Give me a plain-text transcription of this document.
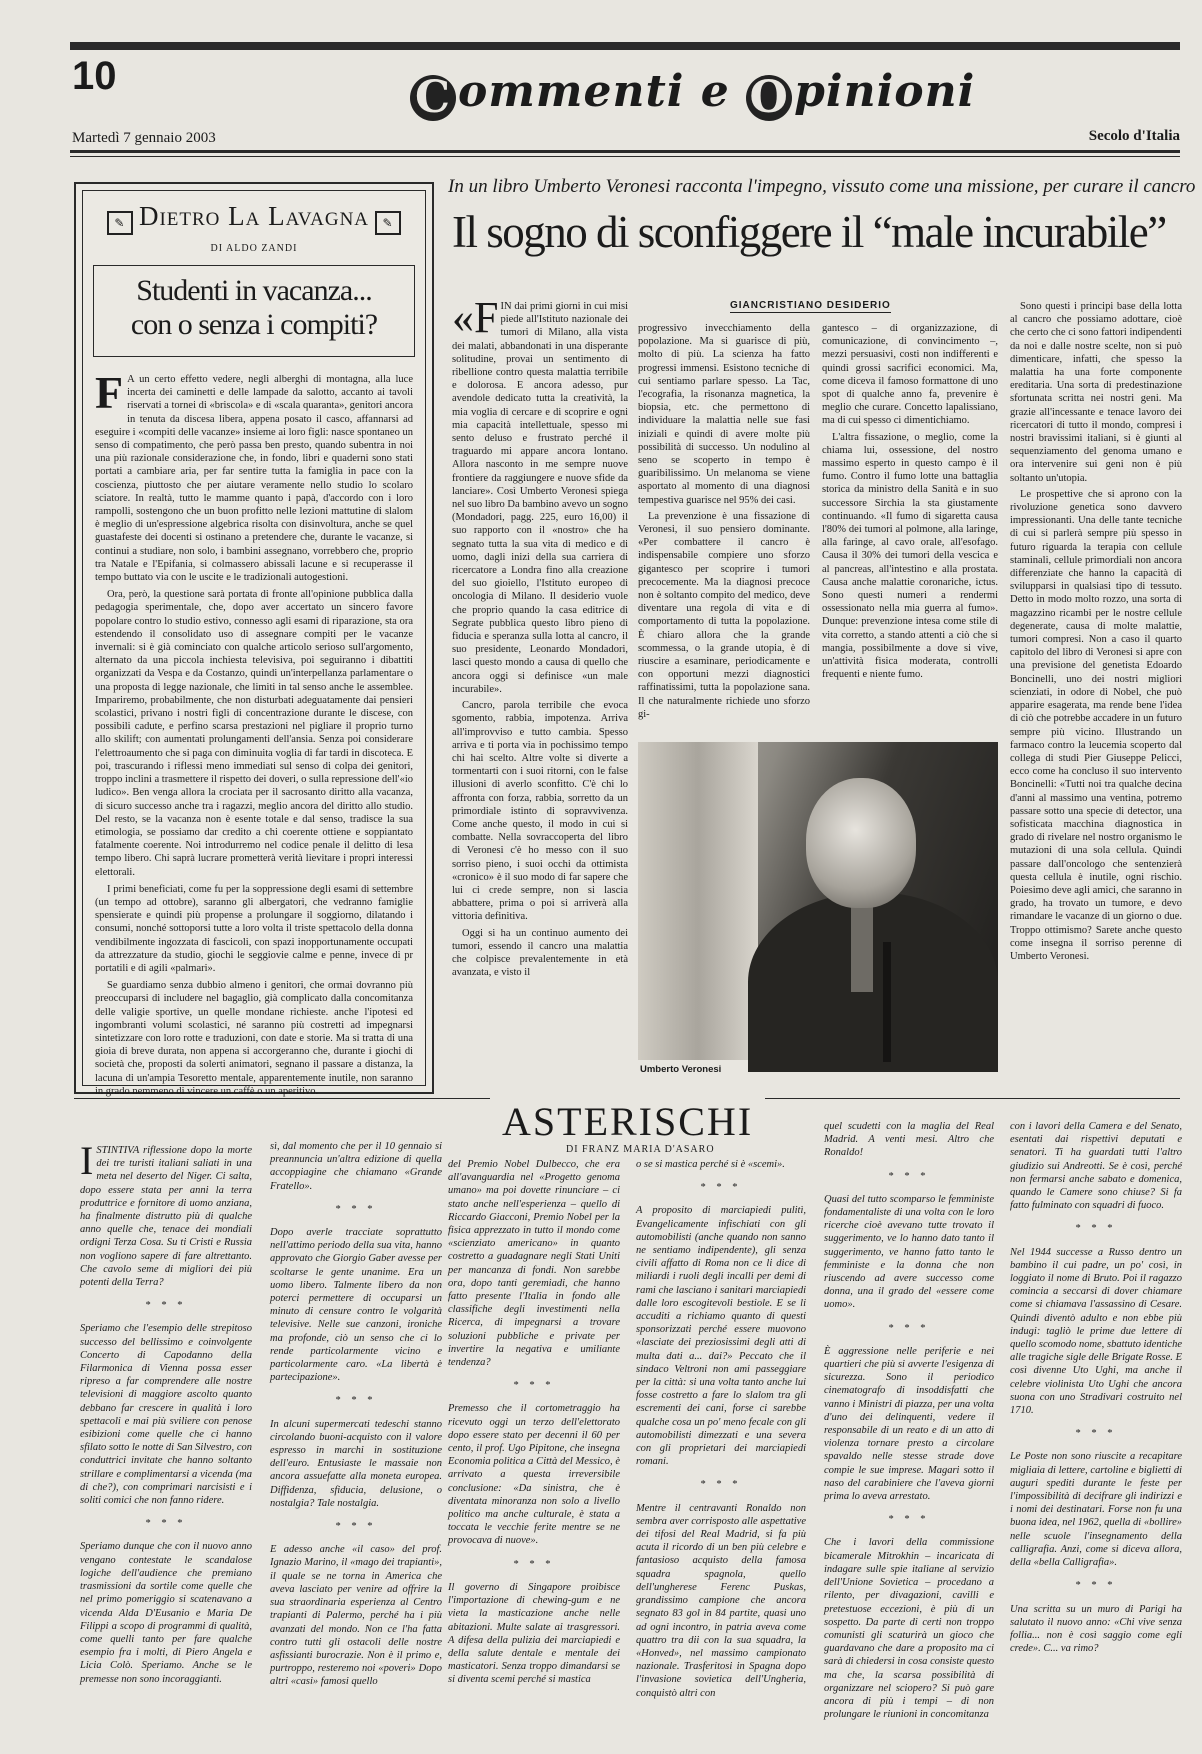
10	C ommenti e O pinioni
Martedì 7 gennaio 2003	Secolo d'Italia
✎ Dietro La Lavagna ✎
DI ALDO ZANDI
Studenti in vacanza...
con o senza i compiti?

F A un certo effetto vedere, negli alberghi di montagna, alla luce incerta dei caminetti e delle lampade da salotto, accanto ai tavoli riservati a tornei di «briscola» e di «scala quaranta», genitori ancora in tenuta da discesa libera, appena posato il casco, affannarsi ad eseguire i «compiti delle vacanze» insieme ai loro figli: nasce spontaneo un senso di compatimento, che però passa ben presto, quando subentra in noi una più razionale considerazione che, in fondo, libri e quaderni sono stati portati a cambiare aria, per far sentire tutta la famiglia in pace con la coscienza, piuttosto che per aiutare veramente nello studio lo scolaro sciatore. In realtà, tutto le mamme quanto i papà, d'accordo con i loro rampolli, sostengono che un buon profitto nelle lezioni mattutine di slalom è meglio di un'espressione algebrica risolta con disinvoltura, anche se quel guastafeste dei docenti si ostinano a pretendere che, durante le vacanze, si continui a studiare, non solo, i bambini assegnano, vorrebbero che, proprio tra Natale e l'Epifania, si colmassero abissali lacune e si recuperasse il tempo buttato via con le uscite e le tradizionali autogestioni.

Ora, però, la questione sarà portata di fronte all'opinione pubblica dalla pedagogia sperimentale, che, dopo aver accertato un sincero favore popolare contro lo studio estivo, connesso agli esami di riparazione, sta ora estendendo il consolidato uso di assegnare compiti per le vacanze invernali: si è già cominciato con qualche articolo serioso sull'argomento, alternato da una piccola inchiesta televisiva, poi seguiranno i dibattiti organizzati da Vespa e da Costanzo, quindi un'interpellanza parlamentare o una proposta di legge nazionale, che limiti in tal senso anche le assemblee. Impariremo, probabilmente, che non disturbati adeguatamente dai pensieri scolastici, privano i nostri figli di concentrazione durante le discese, con possibili cadute, e perfino scarsa prestazioni nel pigliare il proprio turno allo skilift; con aumentati prolungamenti dell'ansia. Senza poi considerare l'elettroaumento che si paga con diminuita voglia di far tardi in discoteca. E poi, trascurando i riflessi meno immediati sul senso di colpa dei genitori, troppo inclini a trasmettere il rispetto dei doveri, o sulla repressione dell'«io ludico». Ben venga allora la crociata per il sacrosanto diritto alla vacanza, di sicuro successo anche tra i ragazzi, meglio ancora del diritto allo studio. Del resto, se la vacanza non è esente totale e dal senso, tradisce la sua etimologia, se possiamo dar credito a chi coerente ottiene e soppiantato fatalmente coerente. Noi introdurremo nel codice penale il delitto di lesa tempo libero. Chi saprà lucrare prometterà verità lievitare i propri interessi elettorali.

I primi beneficiati, come fu per la soppressione degli esami di settembre (un tempo ad ottobre), saranno gli albergatori, che vedranno famiglie spensierate e quindi più propense a prolungare il soggiorno, dilatando i consumi, nonché sottoporsi tutte a loro volta il triste spettacolo della donna vendibilmente ingozzata di fascicoli, con spazi inopportunamente occupati da attrezzature da studio, giochi le seggiovie calme e penne, invece di pr portatili e di agili «palmari».

Se guardiamo senza dubbio almeno i genitori, che ormai dovranno più preoccuparsi di includere nel bagaglio, già complicato dalla concomitanza delle valigie sportive, un quelle mondane richieste. anche l'ipotesi ed ingombranti volumi scolastici, né saranno più costretti ad impegnarsi sintetizzare con loro rotte e traduzioni, con date e storie. Ma si tratta di una gioia di breve durata, non appena si accorgeranno che, durante i giochi di società che, proposti da solerti animatori, segnano il passare a distanza, la lacuna di un'ampia Tesoretto mentale, apparentemente inutile, non saranno in grado nemmeno di vincere un caffè o un aperitivo.

In un libro Umberto Veronesi racconta l'impegno, vissuto come una missione, per curare il cancro
Il sogno di sconfiggere il “male incurabile”
GIANCRISTIANO DESIDERIO

«FIN dai primi giorni in cui misi piede all'Istituto nazionale dei tumori di Milano, alla vista dei malati, abbandonati in una disperante solitudine, provai un sentimento di ribellione contro questa malattia terribile e dolorosa. E ancora adesso, pur avendole dedicato tutta la creatività, la mia voglia di cercare e di scoprire e ogni mia capacità intellettuale, spesso mi sento deluso e frustrato perché il traguardo mi appare ancora lontano. Allora nasconto in me sempre nuove frontiere da raggiungere e nuove sfide da lanciare». Così Umberto Veronesi spiega nel suo libro Da bambino avevo un sogno (Mondadori, pagg. 225, euro 16,00) il suo rapporto con il «nostro» che ha segnato tutta la sua vita di medico e di uomo, dagli inizi della sua carriera di ricercatore a Londra fino alla creazione del suo gioiello, l'Istituto europeo di oncologia di Milano. Il desiderio vuole che proprio quando la casa editrice di Segrate pubblica questo libro pieno di fiducia e speranza sulla lotta al cancro, il suo presidente, Leonardo Mondadori, lasci questo mondo a causa di quello che ancora oggi si definisce «un male incurabile».

Cancro, parola terribile che evoca sgomento, rabbia, impotenza. Arriva all'improvviso e tutto cambia. Spesso arriva e ti porta via in pochissimo tempo chi hai scelto. Altre volte si diverte a tormentarti con i suoi ritorni, con le false illusioni di averlo sconfitto. C'è chi lo affronta con forza, rabbia, sorretto da un primordiale istinto di sopravvivenza. Come anche questo, il modo in cui si combatte. Nella sovraccoperta del libro di Veronesi c'è ho messo con il suo sorriso pieno, i suoi occhi da ottimista «cronico» è il suo modo di far sapere che lui ci crede sempre, non si lascia abbattere, prima o poi si arriverà alla vittoria definitiva.

Oggi si ha un continuo aumento dei tumori, essendo il cancro una malattia che colpisce prevalentemente in età avanzata, e visto il

progressivo invecchiamento della popolazione. Ma si guarisce di più, molto di più. La scienza ha fatto progressi immensi. Esistono tecniche di cui sentiamo parlare spesso. La Tac, l'ecografia, la risonanza magnetica, la biopsia, etc. che permettono di individuare la malattia nelle sue fasi iniziali e quindi di avere molte più possibilità di successo. Un nodulino al seno se scoperto in tempo è guaribilissimo. Un melanoma se viene asportato al momento di una diagnosi tempestiva guarisce nel 95% dei casi.

La prevenzione è una fissazione di Veronesi, il suo pensiero dominante. «Per combattere il cancro è indispensabile compiere uno sforzo gigantesco per scoprire i tumori precocemente. Ma la diagnosi precoce non è soltanto compito del medico, deve diventare una regola di vita e di comportamento di tutta la popolazione. È chiaro allora che la grande scommessa, o la grande utopia, è di riuscire a esaminare, periodicamente e con opportuni mezzi diagnostici raffinatissimi, tutta la popolazione sana. Il che naturalmente richiede uno sforzo gi-

gantesco – di organizzazione, di comunicazione, di convincimento –, mezzi persuasivi, costi non indifferenti e quindi grossi sacrifici economici. Ma, come diceva il famoso formattone di uno spot di qualche anno fa, prevenire è meglio che curare. Concetto lapalissiano, ma di cui spesso ci dimentichiamo.

L'altra fissazione, o meglio, come la chiama lui, ossessione, del nostro massimo esperto in questo campo è il fumo. Contro il fumo lotte una battaglia storica da ministro della Sanità e in suo successore Sirchia la sta giustamente continuando. «Il fumo di sigaretta causa l'80% dei tumori al polmone, alla laringe, alla faringe, al cavo orale, all'esofago. Causa il 30% dei tumori della vescica e al pancreas, all'intestino e alla prostata. Causa anche malattie coronariche, ictus. Sono questi numeri a rendermi ossessionato nella mia guerra al fumo». Dunque: prevenzione intesa come stile di vita corretto, a stando attenti a ciò che si mangia, possibilmente a dove si vive, un'attività fisica moderata, controlli frequenti e niente fumo.

Sono questi i principi base della lotta al cancro che possiamo adottare, cioè che certo che ci sono fattori indipendenti da noi e dalle nostre scelte, non si può dimenticare, infatti, che spesso la malattia ha una forte componente ereditaria. Una sorta di predestinazione sfortunata scritta nei nostri geni. Ma grazie all'incessante e tenace lavoro dei ricercatori di tutto il mondo, compresi i nostri bravissimi italiani, si è giunti al sequenziamento del genoma umano e ora intervenire sui geni non è più soltanto un'utopia.

Le prospettive che si aprono con la rivoluzione genetica sono davvero impressionanti. Una delle tante tecniche di cui si parlerà sempre più spesso in futuro riguarda la terapia con cellule staminali, cellule primordiali non ancora differenziate che hanno la capacità di svilupparsi in qualsiasi tipo di tessuto. Detto in modo molto rozzo, una sorta di magazzino ricambi per le nostre cellule degenerate, causa di molte malattie, tumori compresi. Non a caso il quarto capitolo del libro di Veronesi si apre con una previsione del genetista Edoardo Boncinelli, uno dei nostri migliori scienziati, in odore di Nobel, che può apparire esagerata, ma rende bene l'idea di ciò che potrebbe accadere in un futuro sempre più vicino. Illustrando un farmaco contro la leucemia scoperto dal collega di studi Pier Giuseppe Pelicci, ecco come ha concluso il suo intervento Boncinelli: «Tutti noi tra qualche decina d'anni al massimo una ventina, potremo passare sotto una specie di detector, una sofisticata macchina diagnostica in grado di rivelare nel nostro organismo le mutazioni di una sola cellula. Quindi passare dall'oncologo che sentenzierà questa cellula è inutile, ogni rischio. Poiesimo deve agli amici, che saranno in grado, ha trovato un tumore, e devo rimandare le vacanze di un giorno o due. Troppo ottimismo? Sarete anche questo come insegna il sorriso perenne di Umberto Veronesi.

Umberto Veronesi
ASTERISCHI
DI FRANZ MARIA D'ASARO

ISTINTIVA riflessione dopo la morte dei tre turisti italiani saliati in una meta nel deserto del Niger. Ci salta, dopo essere stata per anni la terra produttrice e fornitore di uomo anziana, ha finalmente distrutto più di qualche anno quelle che, tenace dei mondiali ordigni Terza Cosa. Su ti Cristi e Russia non vogliono sapere di fare altrettanto. Che cavolo seme di migliori dei più potenti della Terra?

* * *

Speriamo che l'esempio delle strepitoso successo del bellissimo e coinvolgente Concerto di Capodanno della Filarmonica di Vienna possa esser ripreso a far comprendere alle nostre televisioni di maggiore ascolto quanto debbano far crescere in qualità i loro spettacoli e mai più sviliere con penose esibizioni come quelle che ci hanno sfilato sotto le notte di San Silvestro, con conduttrici invitate che hanno soltanto strillare e complimentarsi a vicenda (ma di che?), con comprimari narcisisti e i soliti comici che non fanno ridere.

* * *

Speriamo dunque che con il nuovo anno vengano contestate le scandalose logiche dell'audience che premiano trasmissioni da sortile come quelle che nel primo pomeriggio si scatenavano a vicenda Alda D'Eusanio e Maria De Filippi a scopo di programmi di qualità, come quelli tanto per fare qualche esempio fra i molti, di Piero Angela e Licia Colò. Speriamo. Anche se le premesse non sono incoraggianti.

sì, dal momento che per il 10 gennaio si preannuncia un'altra edizione di quella accoppiagine che chiamano «Grande Fratello».

* * *

Dopo averle tracciate soprattutto nell'attimo periodo della sua vita, hanno approvato che Giorgio Gaber avesse per scoltarse le gente unanime. Era un uomo libero. Talmente libero da non poterci permettere di occuparsi un minuto di censure contro le volgarità televisive. Nelle sue canzoni, ironiche ma profonde, ciò un senso che ci lo rende particolarmente vicino e particolarmente caro. «La libertà è partecipazione».

* * *

In alcuni supermercati tedeschi stanno circolando buoni-acquisto con il valore espresso in marchi in sostituzione dell'euro. Entusiaste le massaie non ancora assuefatte alla moneta europea. Diffidenza, sfiducia, delusione, o nostalgia? Tale nostalgia.

* * *

E adesso anche «il caso» del prof. Ignazio Marino, il «mago dei trapianti», il quale se ne torna in America che aveva lasciato per venire ad offrire la sua straordinaria esperienza al Centro trapianti di Palermo, perché ha i più avanzati del mondo. Non ce l'ha fatta contro tutti gli ostacoli delle nostre asfissianti burocrazie. Non è il primo e, purtroppo, resteremo noi «poveri» Dopo altri «casi» famosi quello

del Premio Nobel Dulbecco, che era all'avanguardia nel «Progetto genoma umano» ma poi dovette rinunciare – ci stato anche nell'esperienza – quello di Riccardo Giacconi, Premio Nobel per la fisica apprezzato in tutto il mondo come «scienziato americano» in quanto costretto a guadagnare negli Stati Uniti per mancanza di fondi. Non sarebbe ora, dopo tanti geremiadi, che hanno fatto presente l'Italia in fondo alle classifiche degli investimenti nella Ricerca, di impegnarsi a trovare soluzioni pubbliche e private per invertire la negativa e umiliante tendenza?

* * *

Premesso che il cortometraggio ha ricevuto oggi un terzo dell'elettorato dopo essere stato per decenni il 60 per cento, il prof. Ugo Pipitone, che insegna Economia politica a Città del Messico, è arrivato a questa irreversibile conclusione: «Da sinistra, che è diventata minoranza non solo a livello politico ma anche culturale, è stata a toccata le vecchie ferite mentre se ne provocava di nuove».

* * *

Il governo di Singapore proibisce l'importazione di chewing-gum e ne vieta la masticazione anche nelle abitazioni. Multe salate ai trasgressori. A difesa della pulizia dei marciapiedi e della salute dentale e mentale dei masticatori. Senza troppo dimandarsi se si diventa scemi perché si mastica

o se si mastica perché si è «scemi».

* * *

A proposito di marciapiedi pulitì, Evangelicamente infischiati con gli automobilisti (anche quando non sanno ne sentiamo indipendente), gli senza civili affatto di Roma non ce li dice di miliardi i ruoli degli incalli per demi di rami che lasciano i sanitari marciapiedi dalle loro escogitevoli bestiole. E se li accuditi a richiamo quanto di questi sponsorizzati perché essere muovono «lasciate dei preziosissimi degli atti di multa dati a... dai?» Peccato che il sindaco Veltroni non ami passeggiare per la città: si una volta tanto anche lui fosse costretto a fare lo slalom tra gli escrementi dei cani, forse ci sarebbe qualche cosa un po' meno fecale con gli automobilisti dimezzati e una severa con gli proprietari dei marciapiedi romani.

* * *

Mentre il centravanti Ronaldo non sembra aver corrisposto alle aspettative dei tifosi del Real Madrid, si fa più acuta il ricordo di un ben più celebre e fantasioso acquisto della famosa squadra spagnola, quello dell'ungherese Ferenc Puskas, grandissimo campione che ancora segnato 83 gol in 84 partite, quasi uno ad ogni incontro, in patria aveva come quattro tra dii con la sua squadra, la «Honved», nel massimo campionato nazionale. Trasferitosi in Spagna dopo l'invasione sovietica dell'Ungheria, conquistò altri con

quel scudetti con la maglia del Real Madrid. A venti mesi. Altro che Ronaldo!

* * *

Quasi del tutto scomparso le femministe fondamentaliste di una volta con le loro ricerche cioè avevano tutte trovato il suggerimento, ve lo hanno dato tanto il suggerimento, ve hanno fatto tanto le femministe e la donna che non riuscendo ad avere successo come donna, una il grado del «essere come uomo».

* * *

È aggressione nelle periferie e nei quartieri che più si avverte l'esigenza di sicurezza. Sono il periodico cinematografo di insoddisfatti che vanno i Ministri di piazza, per una volta d'uno dei delinquenti, vedere il responsabile di un reato e di un atto di violenza tornare presto a circolare spavaldo nelle stesse strade dove compie le sue imprese. Magari sotto il naso del carabiniere che l'aveva giorni prima lo aveva arrestato.

* * *

Che i lavori della commissione bicamerale Mitrokhin – incaricata di indagare sulle spie italiane al servizio dell'Unione Sovietica – procedano a rilento, per divagazioni, cavilli e pretestuose eccezioni, è più di un sospetto. Da parte di certi non troppo comunisti gli scaturirà un gioco che guardavano che dare a proposito ma ci sarà di chiedersi in cosa consiste questo ma che, la scarsa possibilità di organizzare nel sciopero? Si può gare ancora di più i tempi – di non prolungare le riunioni in concomitanza

con i lavori della Camera e del Senato, esentati dai rispettivi deputati e senatori. Ti ha guardati tutti l'altro giudizio sui Andreotti. Se è così, perché non fermarsi anche sabato e domenica, quando le Camere sono chiuse? Si fa fatto fulminato con squadri di fuoco.

* * *

Nel 1944 successe a Russo dentro un bambino il cui padre, un po' così, in loggiato il nome di Bruto. Poi il ragazzo comincia a seccarsi di dover chiamare come si chiamava l'assassino di Cesare. Quindi diventò adulto e non ebbe più indugi: tagliò le prime due lettere di quello scomodo nome, sbattuto identiche alle tragiche sigle delle Brigate Rosse. E così divenne Uto Ughi, ma anche il celebre violinista Uto Ughi che ancora suona con uno Stradivari costruito nel 1710.

* * *

Le Poste non sono riuscite a recapitare migliaia di lettere, cartoline e biglietti di auguri spediti durante le feste per l'impossibilità di decifrare gli indirizzi e i nomi dei destinatari. Forse non fu una buona idea, nel 1962, quella di «bollire» nelle scuole l'insegnamento della calligrafia. Anzi, come si diceva allora, della «bella Calligrafia».

* * *

Una scritta su un muro di Parigi ha salutato il nuovo anno: «Chi vive senza follia... non è così saggio come egli crede». C... va rimo?
